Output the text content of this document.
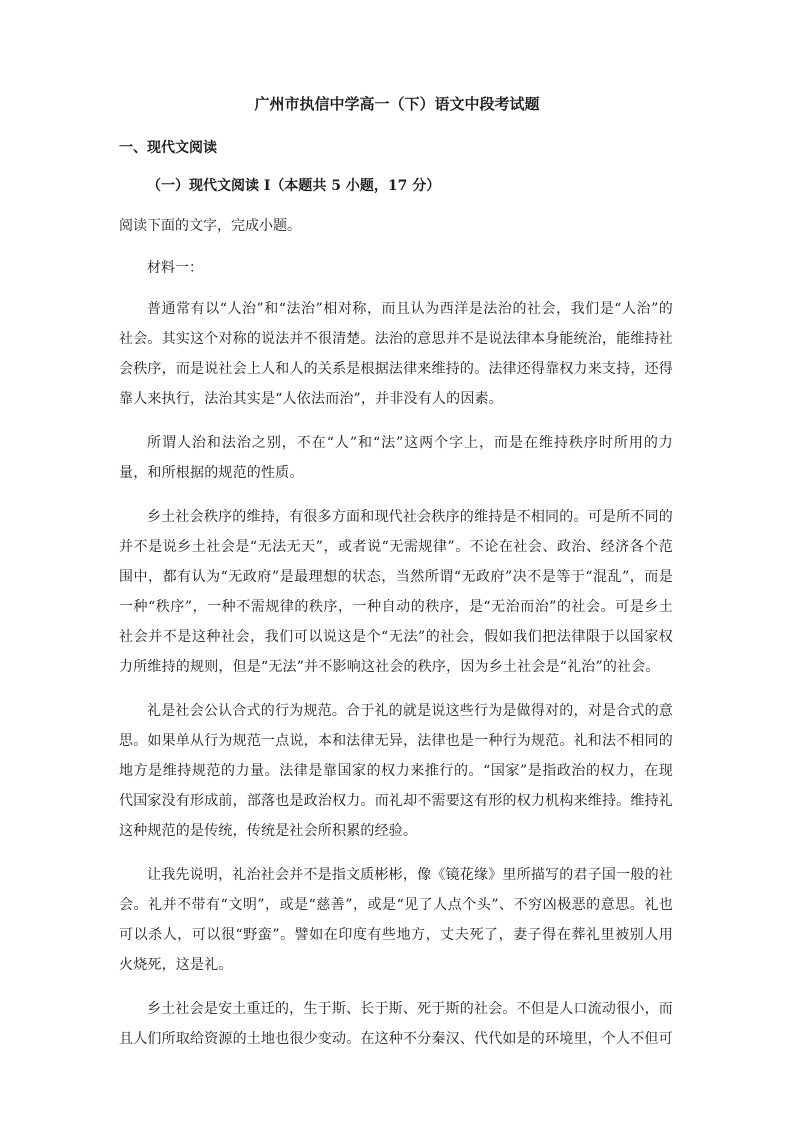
广州市执信中学高一（下）语文中段考试题
一、现代文阅读
（一）现代文阅读 I（本题共 5 小题，17 分）
阅读下面的文字，完成小题。
材料一：

普通常有以“人治”和“法治”相对称，而且认为西洋是法治的社会，我们是“人治”的社会。其实这个对称的说法并不很清楚。法治的意思并不是说法律本身能统治，能维持社会秩序，而是说社会上人和人的关系是根据法律来维持的。法律还得靠权力来支持，还得靠人来执行，法治其实是“人依法而治”，并非没有人的因素。

所谓人治和法治之别，不在“人”和“法”这两个字上，而是在维持秩序时所用的力量，和所根据的规范的性质。

乡土社会秩序的维持，有很多方面和现代社会秩序的维持是不相同的。可是所不同的并不是说乡土社会是“无法无天”，或者说“无需规律”。不论在社会、政治、经济各个范围中，都有认为“无政府”是最理想的状态，当然所谓“无政府”决不是等于“混乱”，而是一种“秩序”，一种不需规律的秩序，一种自动的秩序，是“无治而治”的社会。可是乡土社会并不是这种社会，我们可以说这是个“无法”的社会，假如我们把法律限于以国家权力所维持的规则，但是“无法”并不影响这社会的秩序，因为乡土社会是“礼治”的社会。

礼是社会公认合式的行为规范。合于礼的就是说这些行为是做得对的，对是合式的意思。如果单从行为规范一点说，本和法律无异，法律也是一种行为规范。礼和法不相同的地方是维持规范的力量。法律是靠国家的权力来推行的。“国家”是指政治的权力，在现代国家没有形成前，部落也是政治权力。而礼却不需要这有形的权力机构来维持。维持礼这种规范的是传统，传统是社会所积累的经验。

让我先说明，礼治社会并不是指文质彬彬，像《镜花缘》里所描写的君子国一般的社会。礼并不带有“文明”，或是“慈善”，或是“见了人点个头”、不穷凶极恶的意思。礼也可以杀人，可以很“野蛮”。譬如在印度有些地方，丈夫死了，妻子得在葬礼里被别人用火烧死，这是礼。

乡土社会是安土重迁的，生于斯、长于斯、死于斯的社会。不但是人口流动很小，而且人们所取给资源的土地也很少变动。在这种不分秦汉、代代如是的环境里，个人不但可
